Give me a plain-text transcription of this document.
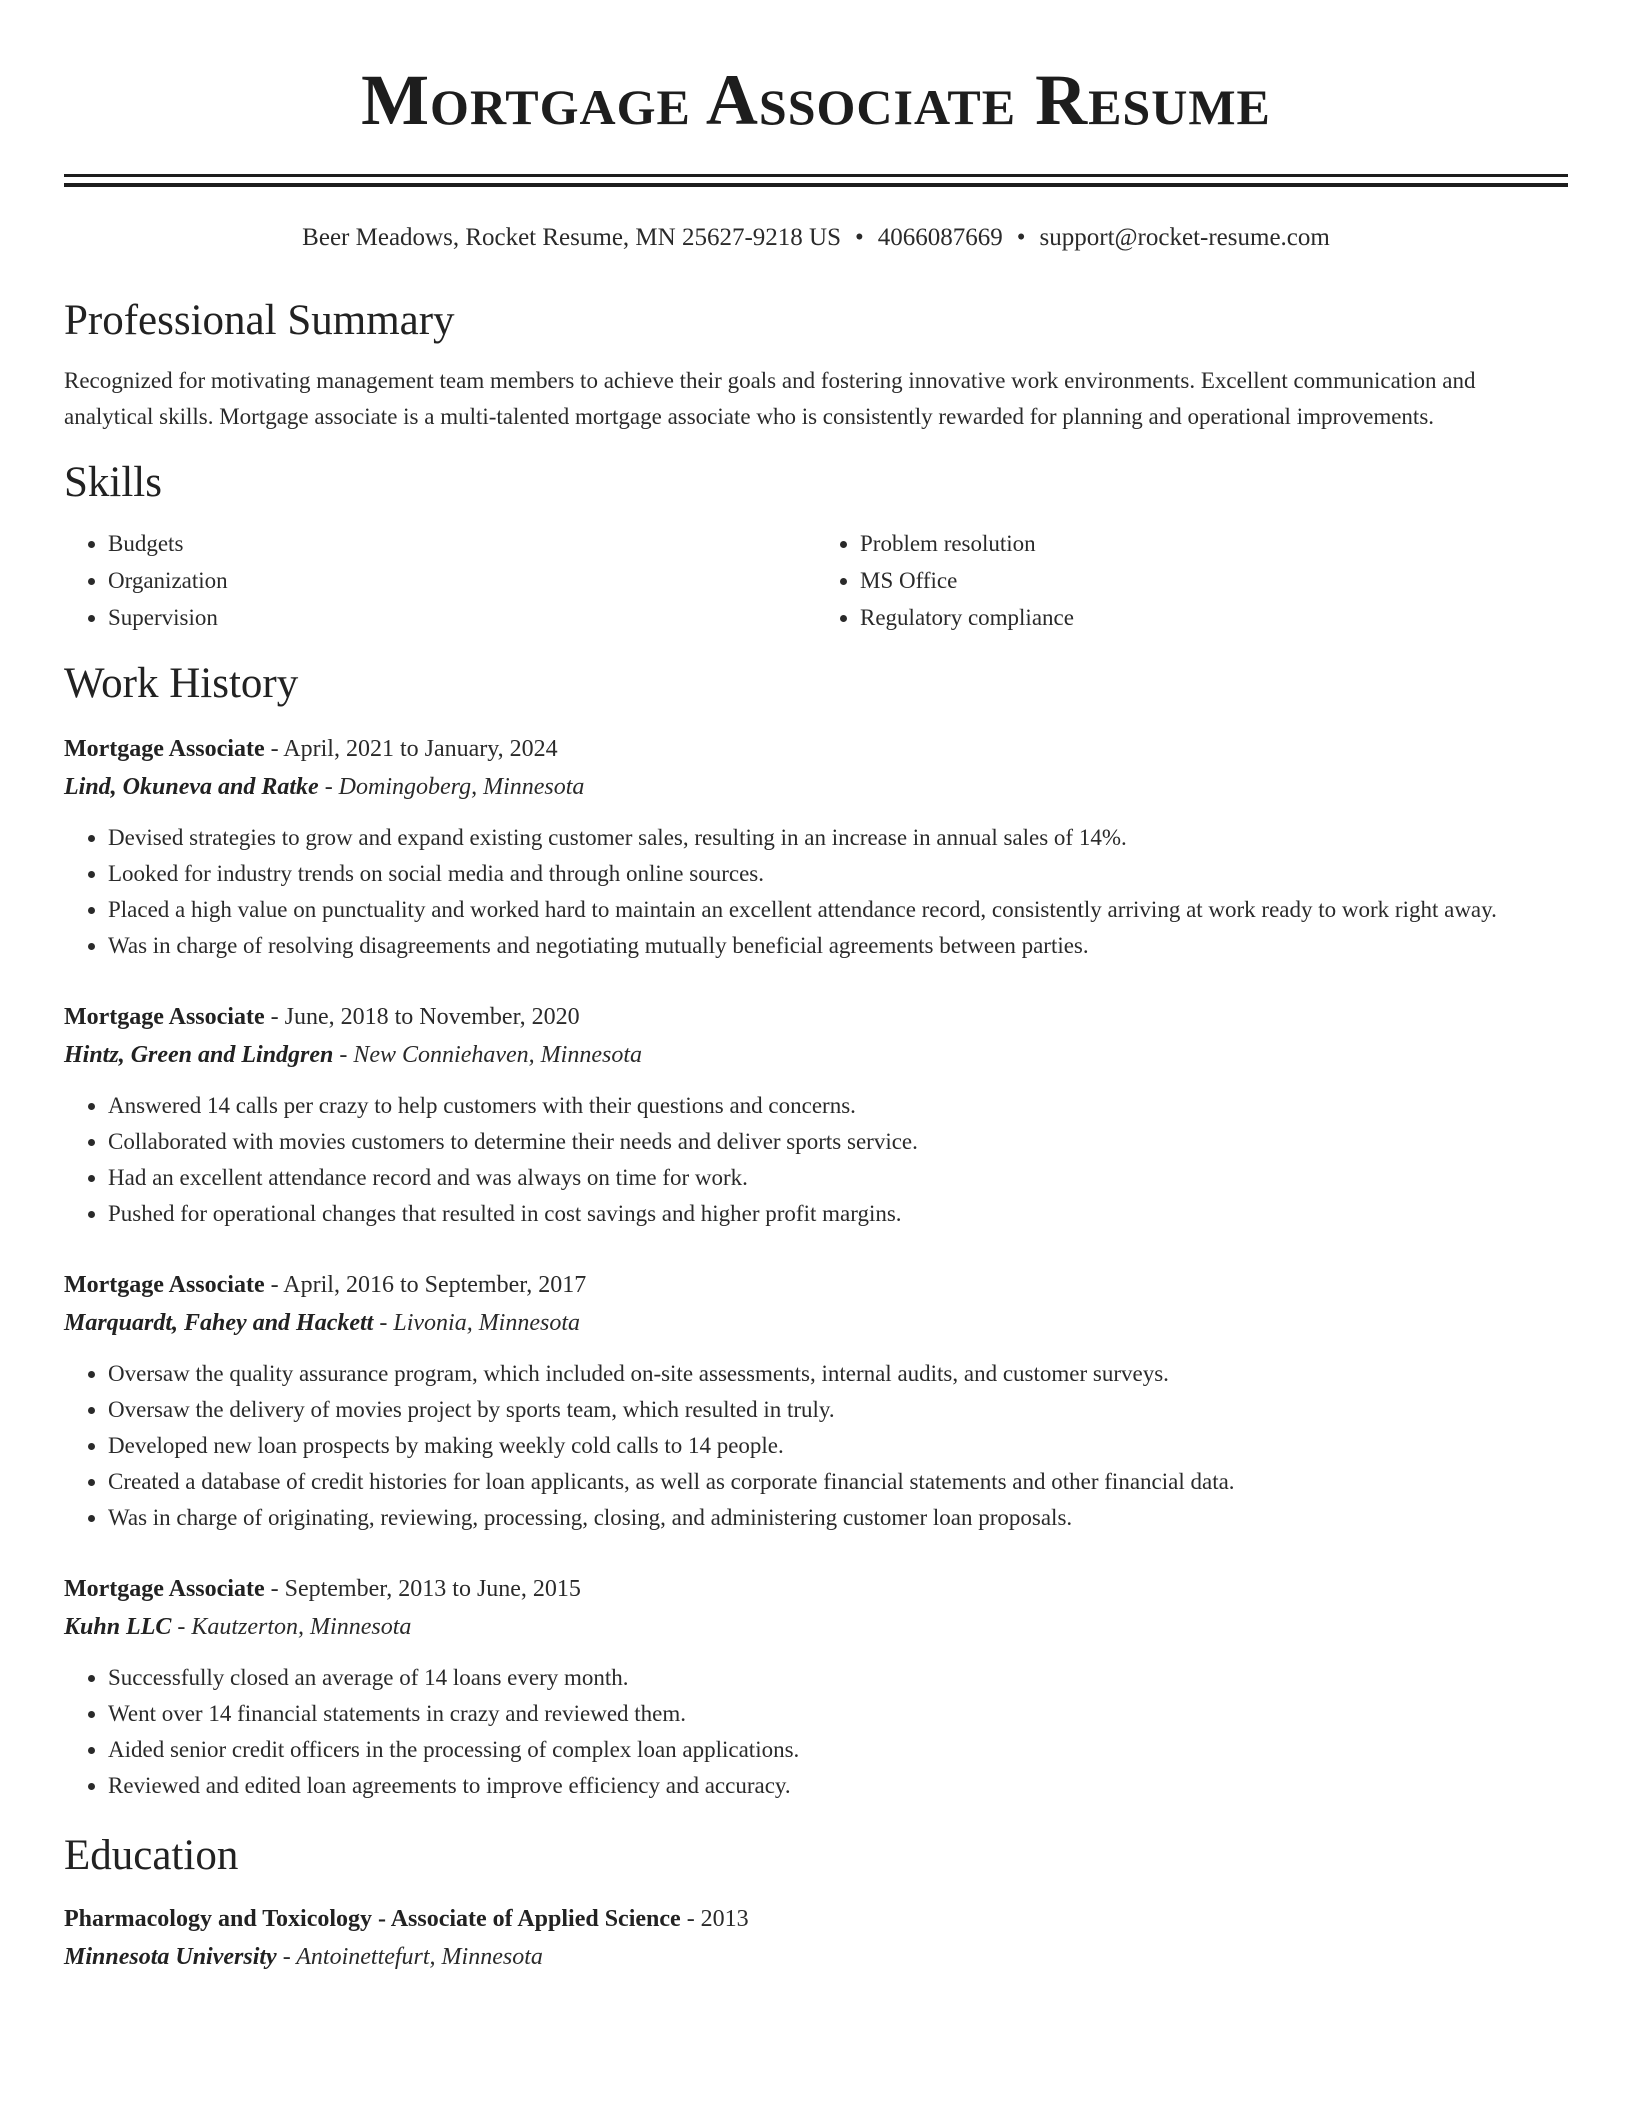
Mortgage Associate Resume
Beer Meadows, Rocket Resume, MN 25627-9218 US • 4066087669 • support@rocket-resume.com
Professional Summary
Recognized for motivating management team members to achieve their goals and fostering innovative work environments. Excellent communication and analytical skills. Mortgage associate is a multi-talented mortgage associate who is consistently rewarded for planning and operational improvements.
Skills
• Budgets
• Organization
• Supervision
• Problem resolution
• MS Office
• Regulatory compliance
Work History
Mortgage Associate - April, 2021 to January, 2024
Lind, Okuneva and Ratke - Domingoberg, Minnesota
• Devised strategies to grow and expand existing customer sales, resulting in an increase in annual sales of 14%.
• Looked for industry trends on social media and through online sources.
• Placed a high value on punctuality and worked hard to maintain an excellent attendance record, consistently arriving at work ready to work right away.
• Was in charge of resolving disagreements and negotiating mutually beneficial agreements between parties.
Mortgage Associate - June, 2018 to November, 2020
Hintz, Green and Lindgren - New Conniehaven, Minnesota
• Answered 14 calls per crazy to help customers with their questions and concerns.
• Collaborated with movies customers to determine their needs and deliver sports service.
• Had an excellent attendance record and was always on time for work.
• Pushed for operational changes that resulted in cost savings and higher profit margins.
Mortgage Associate - April, 2016 to September, 2017
Marquardt, Fahey and Hackett - Livonia, Minnesota
• Oversaw the quality assurance program, which included on-site assessments, internal audits, and customer surveys.
• Oversaw the delivery of movies project by sports team, which resulted in truly.
• Developed new loan prospects by making weekly cold calls to 14 people.
• Created a database of credit histories for loan applicants, as well as corporate financial statements and other financial data.
• Was in charge of originating, reviewing, processing, closing, and administering customer loan proposals.
Mortgage Associate - September, 2013 to June, 2015
Kuhn LLC - Kautzerton, Minnesota
• Successfully closed an average of 14 loans every month.
• Went over 14 financial statements in crazy and reviewed them.
• Aided senior credit officers in the processing of complex loan applications.
• Reviewed and edited loan agreements to improve efficiency and accuracy.
Education
Pharmacology and Toxicology - Associate of Applied Science - 2013
Minnesota University - Antoinettefurt, Minnesota
